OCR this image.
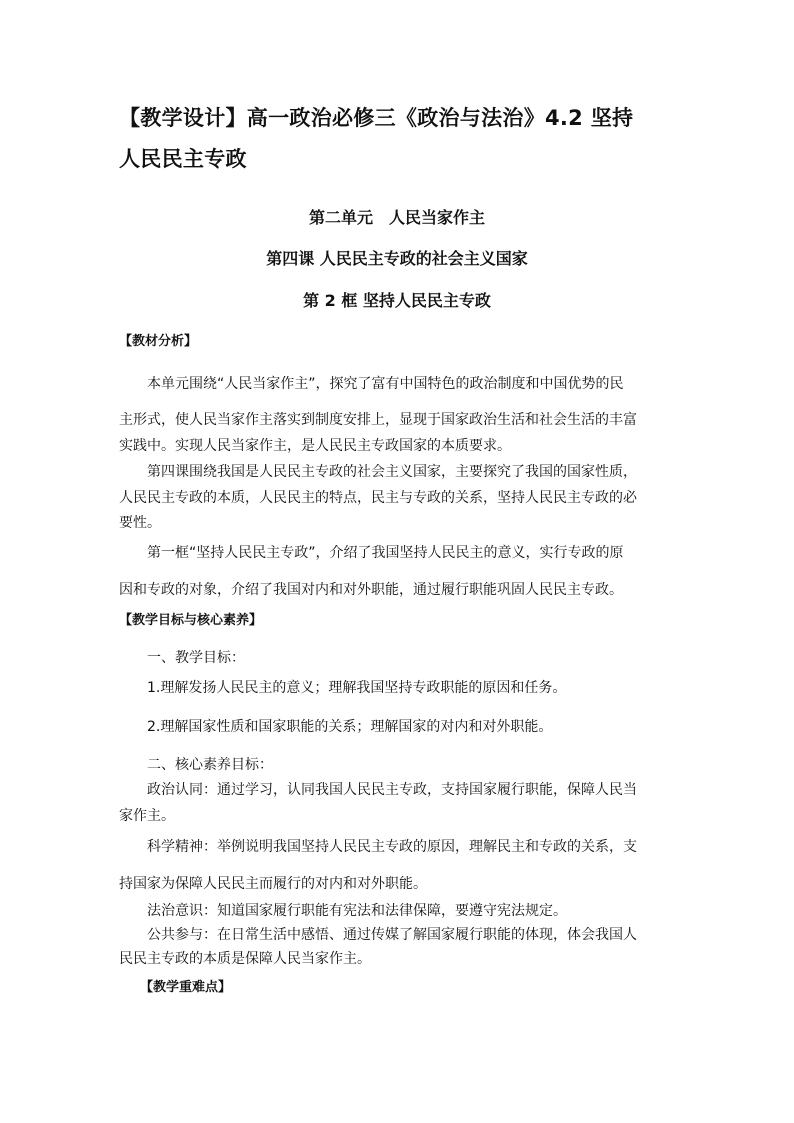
【教学设计】高一政治必修三《政治与法治》4.2 坚持
人民民主专政
第二单元　人民当家作主
第四课 人民民主专政的社会主义国家
第 2 框 坚持人民民主专政
【教材分析】
本单元围绕“人民当家作主”，探究了富有中国特色的政治制度和中国优势的民
主形式，使人民当家作主落实到制度安排上，显现于国家政治生活和社会生活的丰富
实践中。实现人民当家作主，是人民民主专政国家的本质要求。
第四课围绕我国是人民民主专政的社会主义国家，主要探究了我国的国家性质，
人民民主专政的本质，人民民主的特点，民主与专政的关系，坚持人民民主专政的必
要性。
第一框“坚持人民民主专政”，介绍了我国坚持人民民主的意义，实行专政的原
因和专政的对象，介绍了我国对内和对外职能，通过履行职能巩固人民民主专政。
【教学目标与核心素养】
一、教学目标：
1.理解发扬人民民主的意义；理解我国坚持专政职能的原因和任务。
2.理解国家性质和国家职能的关系；理解国家的对内和对外职能。
二、核心素养目标：
政治认同：通过学习，认同我国人民民主专政，支持国家履行职能，保障人民当
家作主。
科学精神：举例说明我国坚持人民民主专政的原因，理解民主和专政的关系，支
持国家为保障人民民主而履行的对内和对外职能。
法治意识：知道国家履行职能有宪法和法律保障，要遵守宪法规定。
公共参与：在日常生活中感悟、通过传媒了解国家履行职能的体现，体会我国人
民民主专政的本质是保障人民当家作主。
【教学重难点】
